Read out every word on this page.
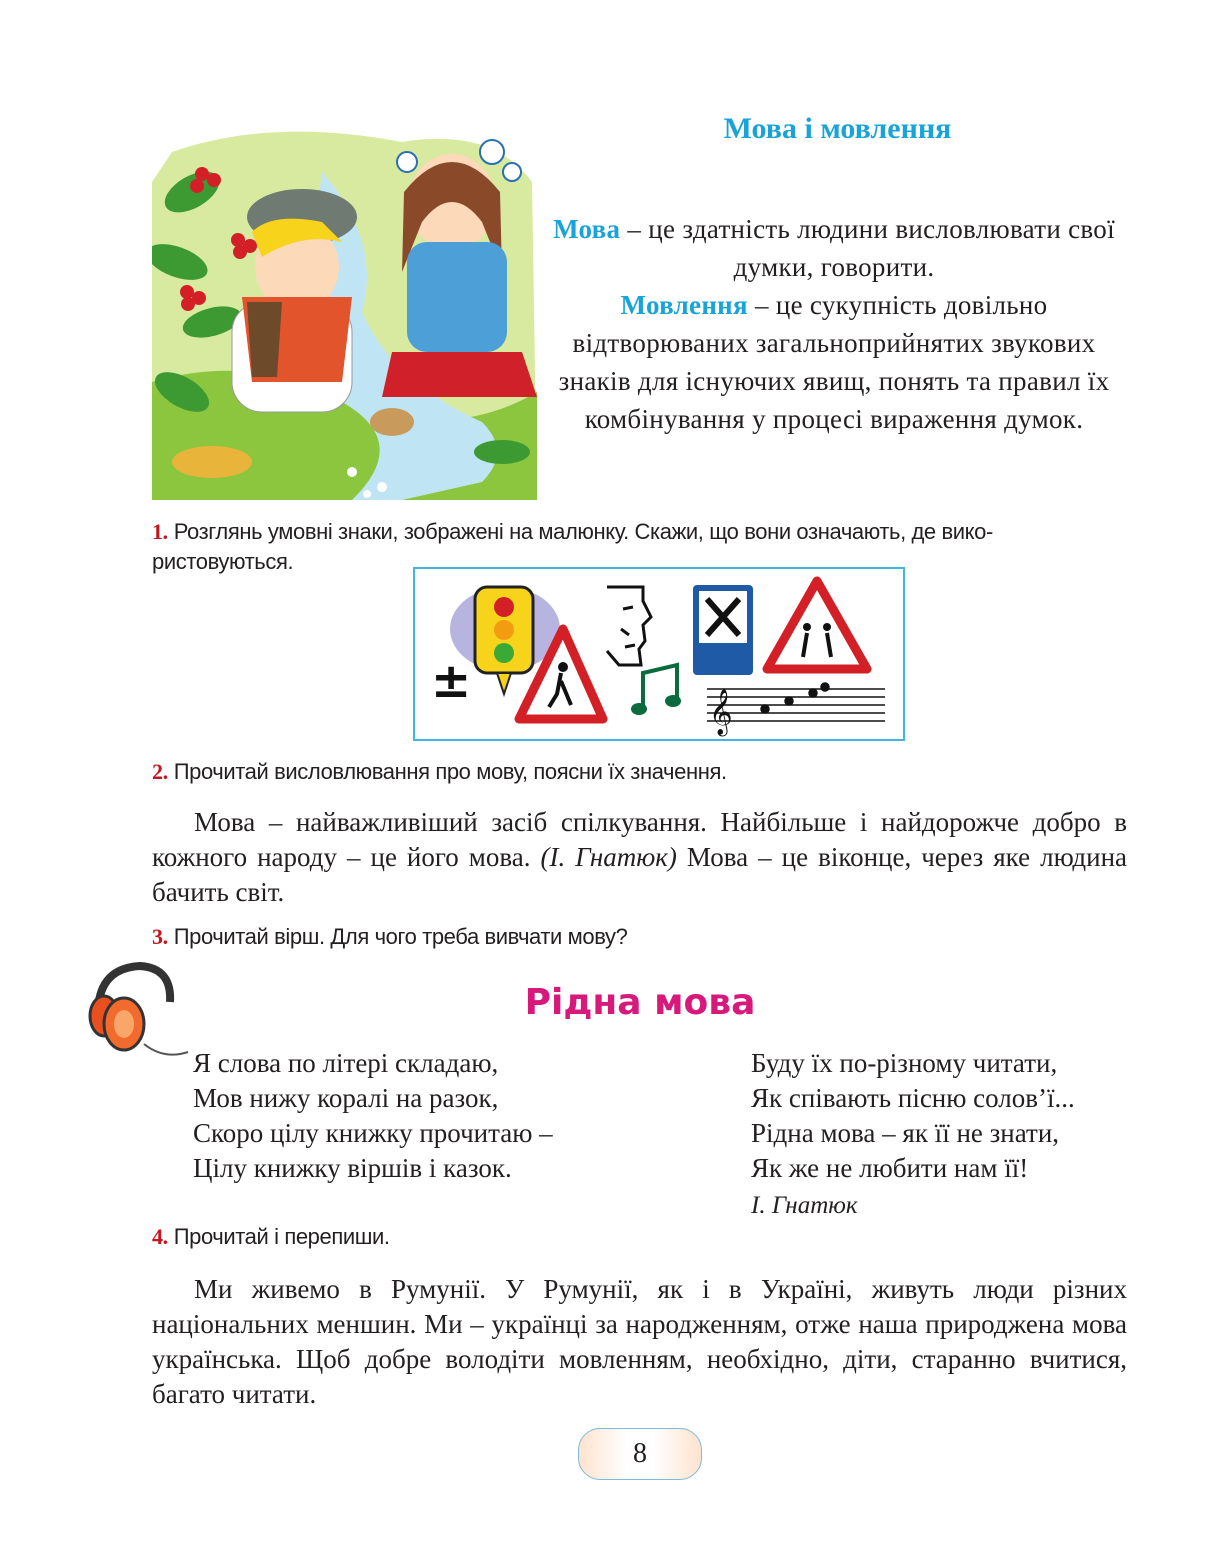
Мова і мовлення
Мова – це здатність людини висловлювати свої думки, говорити.
Мовлення – це сукупність довільно відтворюваних загальноприйнятих звукових знаків для існуючих явищ, понять та правил їх комбінування у процесі вираження думок.
1. Розглянь умовні знаки, зображені на малюнку. Скажи, що вони означають, де вико-ристовуються.
±
𝄞
2. Прочитай висловлювання про мову, поясни їх значення.
Мова – найважливіший засіб спілкування. Найбільше і найдорожче добро в кожного народу – це його мова. (І. Гнатюк) Мова – це віконце, через яке людина бачить світ.
3. Прочитай вірш. Для чого треба вивчати мову?
Рідна мова
Я слова по літері складаю,
Мов нижу коралі на разок,
Скоро цілу книжку прочитаю –
Цілу книжку віршів і казок.
Буду їх по-різному читати,
Як співають пісню солов’ї...
Рідна мова – як її не знати,
Як же не любити нам її!
І. Гнатюк
4. Прочитай і перепиши.
Ми живемо в Румунії. У Румунії, як і в Україні, живуть люди різних національних меншин. Ми – українці за народженням, отже наша природжена мова українська. Щоб добре володіти мовленням, необхідно, діти, старанно вчитися, багато читати.
8
